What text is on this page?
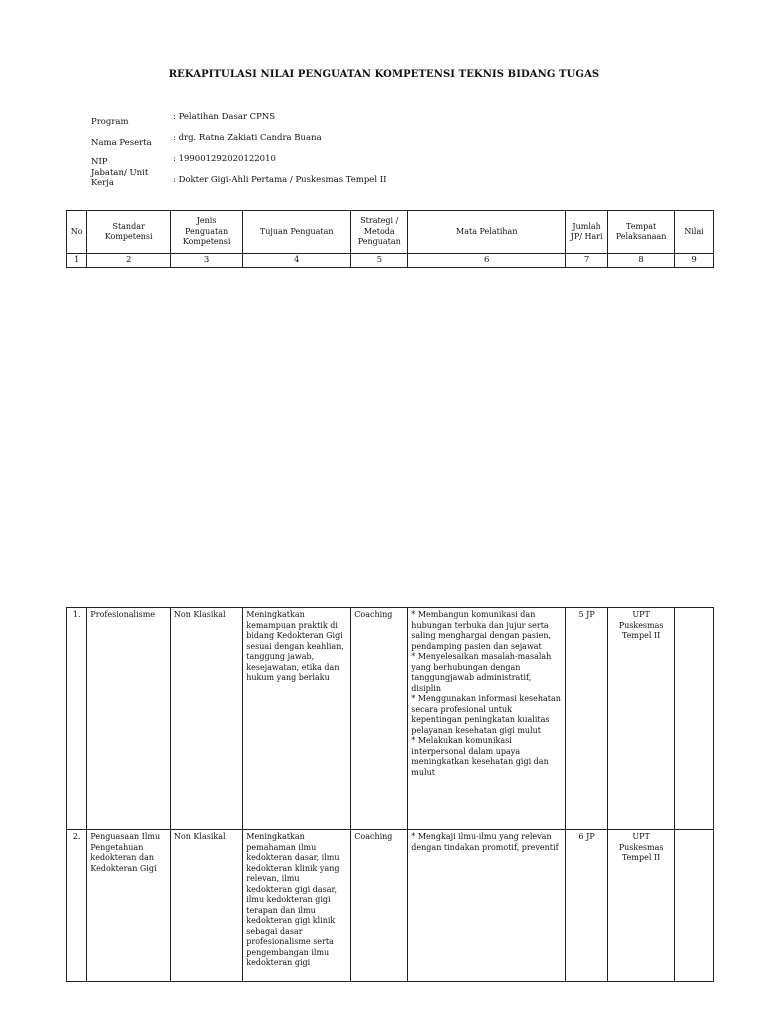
REKAPITULASI NILAI PENGUATAN KOMPETENSI TEKNIS BIDANG TUGAS
Program	: Pelatihan Dasar CPNS
Nama Peserta	: drg. Ratna Zakiati Candra Buana
NIP	: 199001292020122010
Jabatan/ Unit Kerja	: Dokter Gigi-Ahli Pertama / Puskesmas Tempel II
No	Standar Kompetensi	Jenis Penguatan Kompetensi	Tujuan Penguatan	Strategi / Metoda Penguatan	Mata Pelatihan	Jumlah JP/ Hari	Tempat Pelaksanaan	Nilai
1	2	3	4	5	6	7	8	9
1.	Profesionalisme	Non Klasikal	Meningkatkan kemampuan praktik di bidang Kedokteran Gigi sesuai dengan keahlian, tanggung jawab, kesejawatan, etika dan hukum yang berlaku	Coaching	* Membangun komunikasi dan hubungan terbuka dan jujur serta saling menghargai dengan pasien, pendamping pasien dan sejawat
* Menyelesaikan masalah-masalah yang berhubungan dengan tanggungjawab administratif, disiplin
* Menggunakan informasi kesehatan secara profesional untuk kepentingan peningkatan kualitas pelayanan kesehatan gigi mulut
* Melakukan komunikasi interpersonal dalam upaya meningkatkan kesehatan gigi dan mulut	5 JP	UPT Puskesmas Tempel II	
2.	Penguasaan Ilmu Pengetahuan kedokteran dan Kedokteran Gigi	Non Klasikal	Meningkatkan pemahaman ilmu kedokteran dasar, ilmu kedokteran klinik yang relevan, ilmu kedokteran gigi dasar, ilmu kedokteran gigi terapan dan ilmu kedokteran gigi klinik sebagai dasar profesionalisme serta pengembangan ilmu kedokteran gigi	Coaching	* Mengkaji ilmu-ilmu yang relevan dengan tindakan promotif, preventif	6 JP	UPT Puskesmas Tempel II	
